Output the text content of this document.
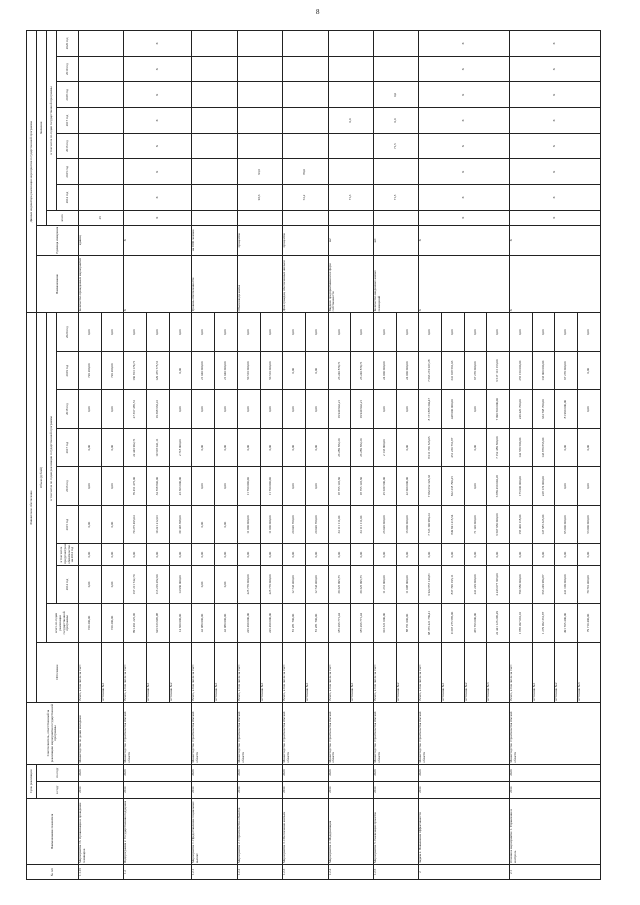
8
№ п/п	Наименование показателя	Срок реализации		Соисполнитель, ответственный за реализацию мероприятия государственной программы	Финансовое обеспечение										Данные индикатора реализации мероприятия государственной программы									
		в году	по году		Источники	Объем (рублей)									Наименование	Единица измерения	Значения							
						всего по годам реализации государственной программы	в том числе по годам реализации государственной программы										всего	в том числе по годам государственной программы						
							2014 год	в том числе предусмотрено обязательство на 2014 год	2015 год	2016 год	2017 год	2018 год	2019 год	2020 год				2014 год	2015 год	2016 год	2017 год	2018 год	2019 год	2020 год
1.1.16	Мероприятие 16. Организация и проведение семинаров	2014	2020	Министерство по делам молодежи	Всего, в том числе за счет:	720 200,00	0,00	0,00	0,00	0,00	0,00	0,00	720 200,00	0,00	Количество проведенных мероприятий	единиц	26							
					источник №1	720 200,00	0,00	0,00	0,00	0,00	0,00	0,00	720 200,00	0,00										
1.2	Подпрограмма 2. Государственная поддержка	2014	2020	Министерство строительства Омской области	Всего, в том числе за счет:	891 491 225,06	167 211 742,70	0,00	79 275 495,04	79 451 475,00	22 446 902,71	27 367 485,51	160 813 179,71	0,00	X	X	X	X	X	X	X	X	X	X
					источник №1	626 633 995,98	113 219 282,90	0,00	19 221 212,03	34 558 840,00	19 518 041,11	19 398 663,41	129 476 775,51	0,00										
					источник №2	14 660 000,00	14 960 000,00	0,00	39 148 398,00	23 303 000,00	2 718 900,00	0,00	0,00	0,00										
1.2.1	Мероприятие 1. Предоставление социальных выплат	2014	2020	Министерство строительства Омской области	Всего, в том числе за счет:	42 080 000,00	0,00	0,00	0,00	0,00	0,00	0,00	21 040 000,00	0,00	Уровень обеспеченности	на 1000 человек								
					источник №1	42 080 000,00	0,00	0,00	0,00	0,00	0,00	0,00	21 040 000,00	0,00										
1.2.2	Мероприятие 2. Строительство объектов	2014	2020	Министерство строительства Омской области	Всего, в том числе за счет:	226 490 000,00	225 770 000,00	0,00	11 000 000,00	11 790 000,00	0,00	0,00	50 510 000,00	0,00	Объем ввода жилья	процентов		93,6	93,6					
					источник №1	226 490 000,00	225 770 000,00	0,00	11 000 000,00	11 790 000,00	0,00	0,00	50 510 000,00	0,00										
1.2.3	Мероприятие 3. Обеспечение жильем	2014	2020	Министерство строительства Омской области	Всего, в том числе за счет:	81 281 700,00	12 743 400,00	0,00	20 020 700,00	0,00	0,00	0,00	0,00	0,00	Доля граждан, обеспеченных жильем	процентов		61,2	80,0					
					источник №1	81 281 700,00	12 743 400,00	0,00	20 020 700,00	0,00	0,00	0,00	0,00	0,00										
1.2.4	Мероприятие 4. Модернизация	2014	2020	Министерство строительства Омской области	Всего, в том числе за счет:	185 296 771,44	39 325 095,75	0,00	34 111 111,00	18 765 145,60	26 289 582,20	19 949 942,21	26 240 879,71	0,00	Введено предприятиями всех форм собственности	м2		71,3			0,0			
					источник №1	185 296 771,44	39 325 095,75	0,00	34 111 111,00	18 765 145,60	26 289 582,20	19 949 942,21	26 240 879,71	0,00										
1.2.5	Мероприятие 5. Реализация проектов	2014	2020	Министерство строительства Омской области	Всего, в том числе за счет:	103 321 000,00	11 231 000,00	0,00	26 020 000,00	25 039 500,00	2 133 900,00	0,00	24 000 000,00	0,00	Количество введенных жилых помещений	шт.		71,5		71,5	0,0	0,0		
					источник №2	88 761 000,00	11 098 000,00	0,00	16 000 000,00	22 000 000,00	0,00	0,00	24 000 000,00	0,00										
2	Задача 2. Повышение эффективности	2014	2020	Министерство строительства Омской области	Всего, в том числе за счет:	98 376 421 769,41	6 922 857 149,81	0,00	7 723 190 980,24	7 962 052 326,33	8 011 706 526,05	8 171 885 304,47	7 693 274 037,28	0,00	X	X	X	X	X	X	X	X	X	X
					источник №1	9 307 275 586,00	837 796 195,11	0,00	849 841 215,54	822 218 790,25	451 230 761,87	448 000 000,00	341 918 591,03	0,00										
					источник №2	455 793 000,00	241 229 000,00	0,00	71 120 000,00	0,00	0,00	0,00	97 270 000,00	0,00										
					источник №3	22 441 126 296,29	4 246 077 366,00	0,00	6 607 950 000,00	6 859 460 092,45	7 152 489 500,00	7 090 500 000,00	6 617 113 163,00	0,00										
2.1	Основное мероприятие 1. Управление и контроль	2014	2020	Министерство строительства Омской области	Всего, в том числе за счет:	1 885 497 091,01	760 580 000,00	0,00	155 400 118,00	175 000 000,00	142 559 500,00	249 420 700,00	255 150 000,00	0,00	X	X	X	X	X	X	X	X	X	X
					источник №1	1 279 962 361,87	653 249 984,87	0,00	147 685 323,00	228 174 000,00	143 879 853,00	334 708 700,00	133 000 000,00	0,00										
					источник №2	491 705 400,00	241 109 000,00	0,00	95 000 000,00	0,00	0,00	81 990 000,00	97 270 000,00	0,00										
					источник №3	79 710 400,00	79 710 400,00	0,00	53 000 000,00	0,00	0,00	0,00	0,00	0,00										
